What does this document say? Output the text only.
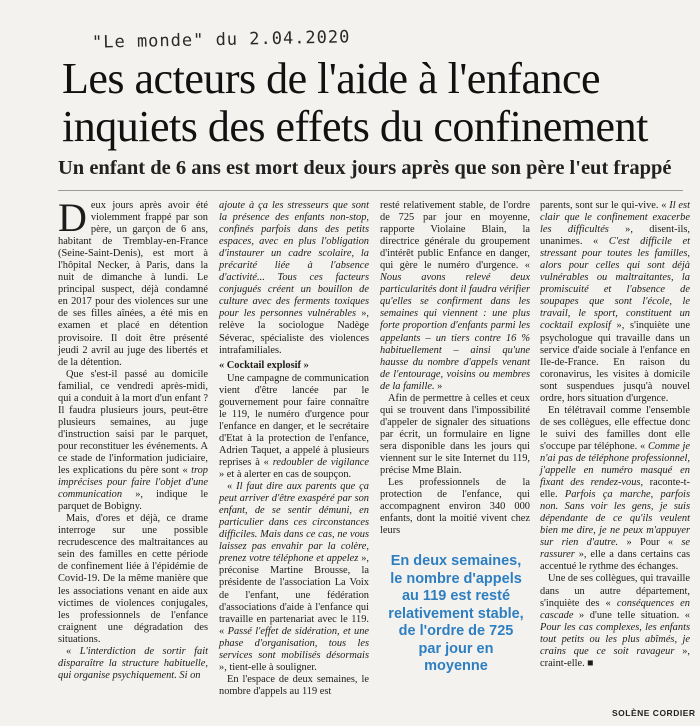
"Le monde" du 2.04.2020
Les acteurs de l'aide à l'enfance inquiets des effets du confinement
Un enfant de 6 ans est mort deux jours après que son père l'eut frappé

Deux jours après avoir été violemment frappé par son père, un garçon de 6 ans, habitant de Tremblay-en-France (Seine-Saint-Denis), est mort à l'hôpital Necker, à Paris, dans la nuit de dimanche à lundi. Le principal suspect, déjà condamné en 2017 pour des violences sur une de ses filles aînées, a été mis en examen et placé en détention provisoire. Il doit être présenté jeudi 2 avril au juge des libertés et de la détention.

Que s'est-il passé au domicile familial, ce vendredi après-midi, qui a conduit à la mort d'un enfant ? Il faudra plusieurs jours, peut-être plusieurs semaines, au juge d'instruction saisi par le parquet, pour reconstituer les événements. A ce stade de l'information judiciaire, les explications du père sont « trop imprécises pour faire l'objet d'une communication », indique le parquet de Bobigny.

Mais, d'ores et déjà, ce drame interroge sur une possible recrudescence des maltraitances au sein des familles en cette période de confinement liée à l'épidémie de Covid-19. De la même manière que les associations venant en aide aux victimes de violences conjugales, les professionnels de l'enfance craignent une dégradation des situations.

« L'interdiction de sortir fait disparaître la structure habituelle, qui organise psychiquement. Si on

ajoute à ça les stresseurs que sont la présence des enfants non-stop, confinés parfois dans des petits espaces, avec en plus l'obligation d'instaurer un cadre scolaire, la précarité liée à l'absence d'activité... Tous ces facteurs conjugués créent un bouillon de culture avec des ferments toxiques pour les personnes vulnérables », relève la sociologue Nadège Séverac, spécialiste des violences intrafamiliales.

« Cocktail explosif »

Une campagne de communication vient d'être lancée par le gouvernement pour faire connaître le 119, le numéro d'urgence pour l'enfance en danger, et le secrétaire d'Etat à la protection de l'enfance, Adrien Taquet, a appelé à plusieurs reprises à « redoubler de vigilance » et à alerter en cas de soupçon.

« Il faut dire aux parents que ça peut arriver d'être exaspéré par son enfant, de se sentir démuni, en particulier dans ces circonstances difficiles. Mais dans ce cas, ne vous laissez pas envahir par la colère, prenez votre téléphone et appelez », préconise Martine Brousse, la présidente de l'association La Voix de l'enfant, une fédération d'associations d'aide à l'enfance qui travaille en partenariat avec le 119. « Passé l'effet de sidération, et une phase d'organisation, tous les services sont mobilisés désormais », tient-elle à souligner.

En l'espace de deux semaines, le nombre d'appels au 119 est

resté relativement stable, de l'ordre de 725 par jour en moyenne, rapporte Violaine Blain, la directrice générale du groupement d'intérêt public Enfance en danger, qui gère le numéro d'urgence. « Nous avons relevé deux particularités dont il faudra vérifier qu'elles se confirment dans les semaines qui viennent : une plus forte proportion d'enfants parmi les appelants – un tiers contre 16 % habituellement – ainsi qu'une hausse du nombre d'appels venant de l'entourage, voisins ou membres de la famille. »

Afin de permettre à celles et ceux qui se trouvent dans l'impossibilité d'appeler de signaler des situations par écrit, un formulaire en ligne sera disponible dans les jours qui viennent sur le site Internet du 119, précise Mme Blain.

Les professionnels de la protection de l'enfance, qui accompagnent environ 340 000 enfants, dont la moitié vivent chez leurs

En deux semaines, le nombre d'appels au 119 est resté relativement stable, de l'ordre de 725 par jour en moyenne

parents, sont sur le qui-vive. « Il est clair que le confinement exacerbe les difficultés », disent-ils, unanimes. « C'est difficile et stressant pour toutes les familles, alors pour celles qui sont déjà vulnérables ou maltraitantes, la promiscuité et l'absence de soupapes que sont l'école, le travail, le sport, constituent un cocktail explosif », s'inquiète une psychologue qui travaille dans un service d'aide sociale à l'enfance en Ile-de-France. En raison du coronavirus, les visites à domicile sont suspendues jusqu'à nouvel ordre, hors situation d'urgence.

En télétravail comme l'ensemble de ses collègues, elle effectue donc le suivi des familles dont elle s'occupe par téléphone. « Comme je n'ai pas de téléphone professionnel, j'appelle en numéro masqué en fixant des rendez-vous, raconte-t-elle. Parfois ça marche, parfois non. Sans voir les gens, je suis dépendante de ce qu'ils veulent bien me dire, je ne peux m'appuyer sur rien d'autre. » Pour « se rassurer », elle a dans certains cas accentué le rythme des échanges.

Une de ses collègues, qui travaille dans un autre département, s'inquiète des « conséquences en cascade » d'une telle situation. « Pour les cas complexes, les enfants tout petits ou les plus abîmés, je crains que ce soit ravageur », craint-elle. ■

SOLÈNE CORDIER
